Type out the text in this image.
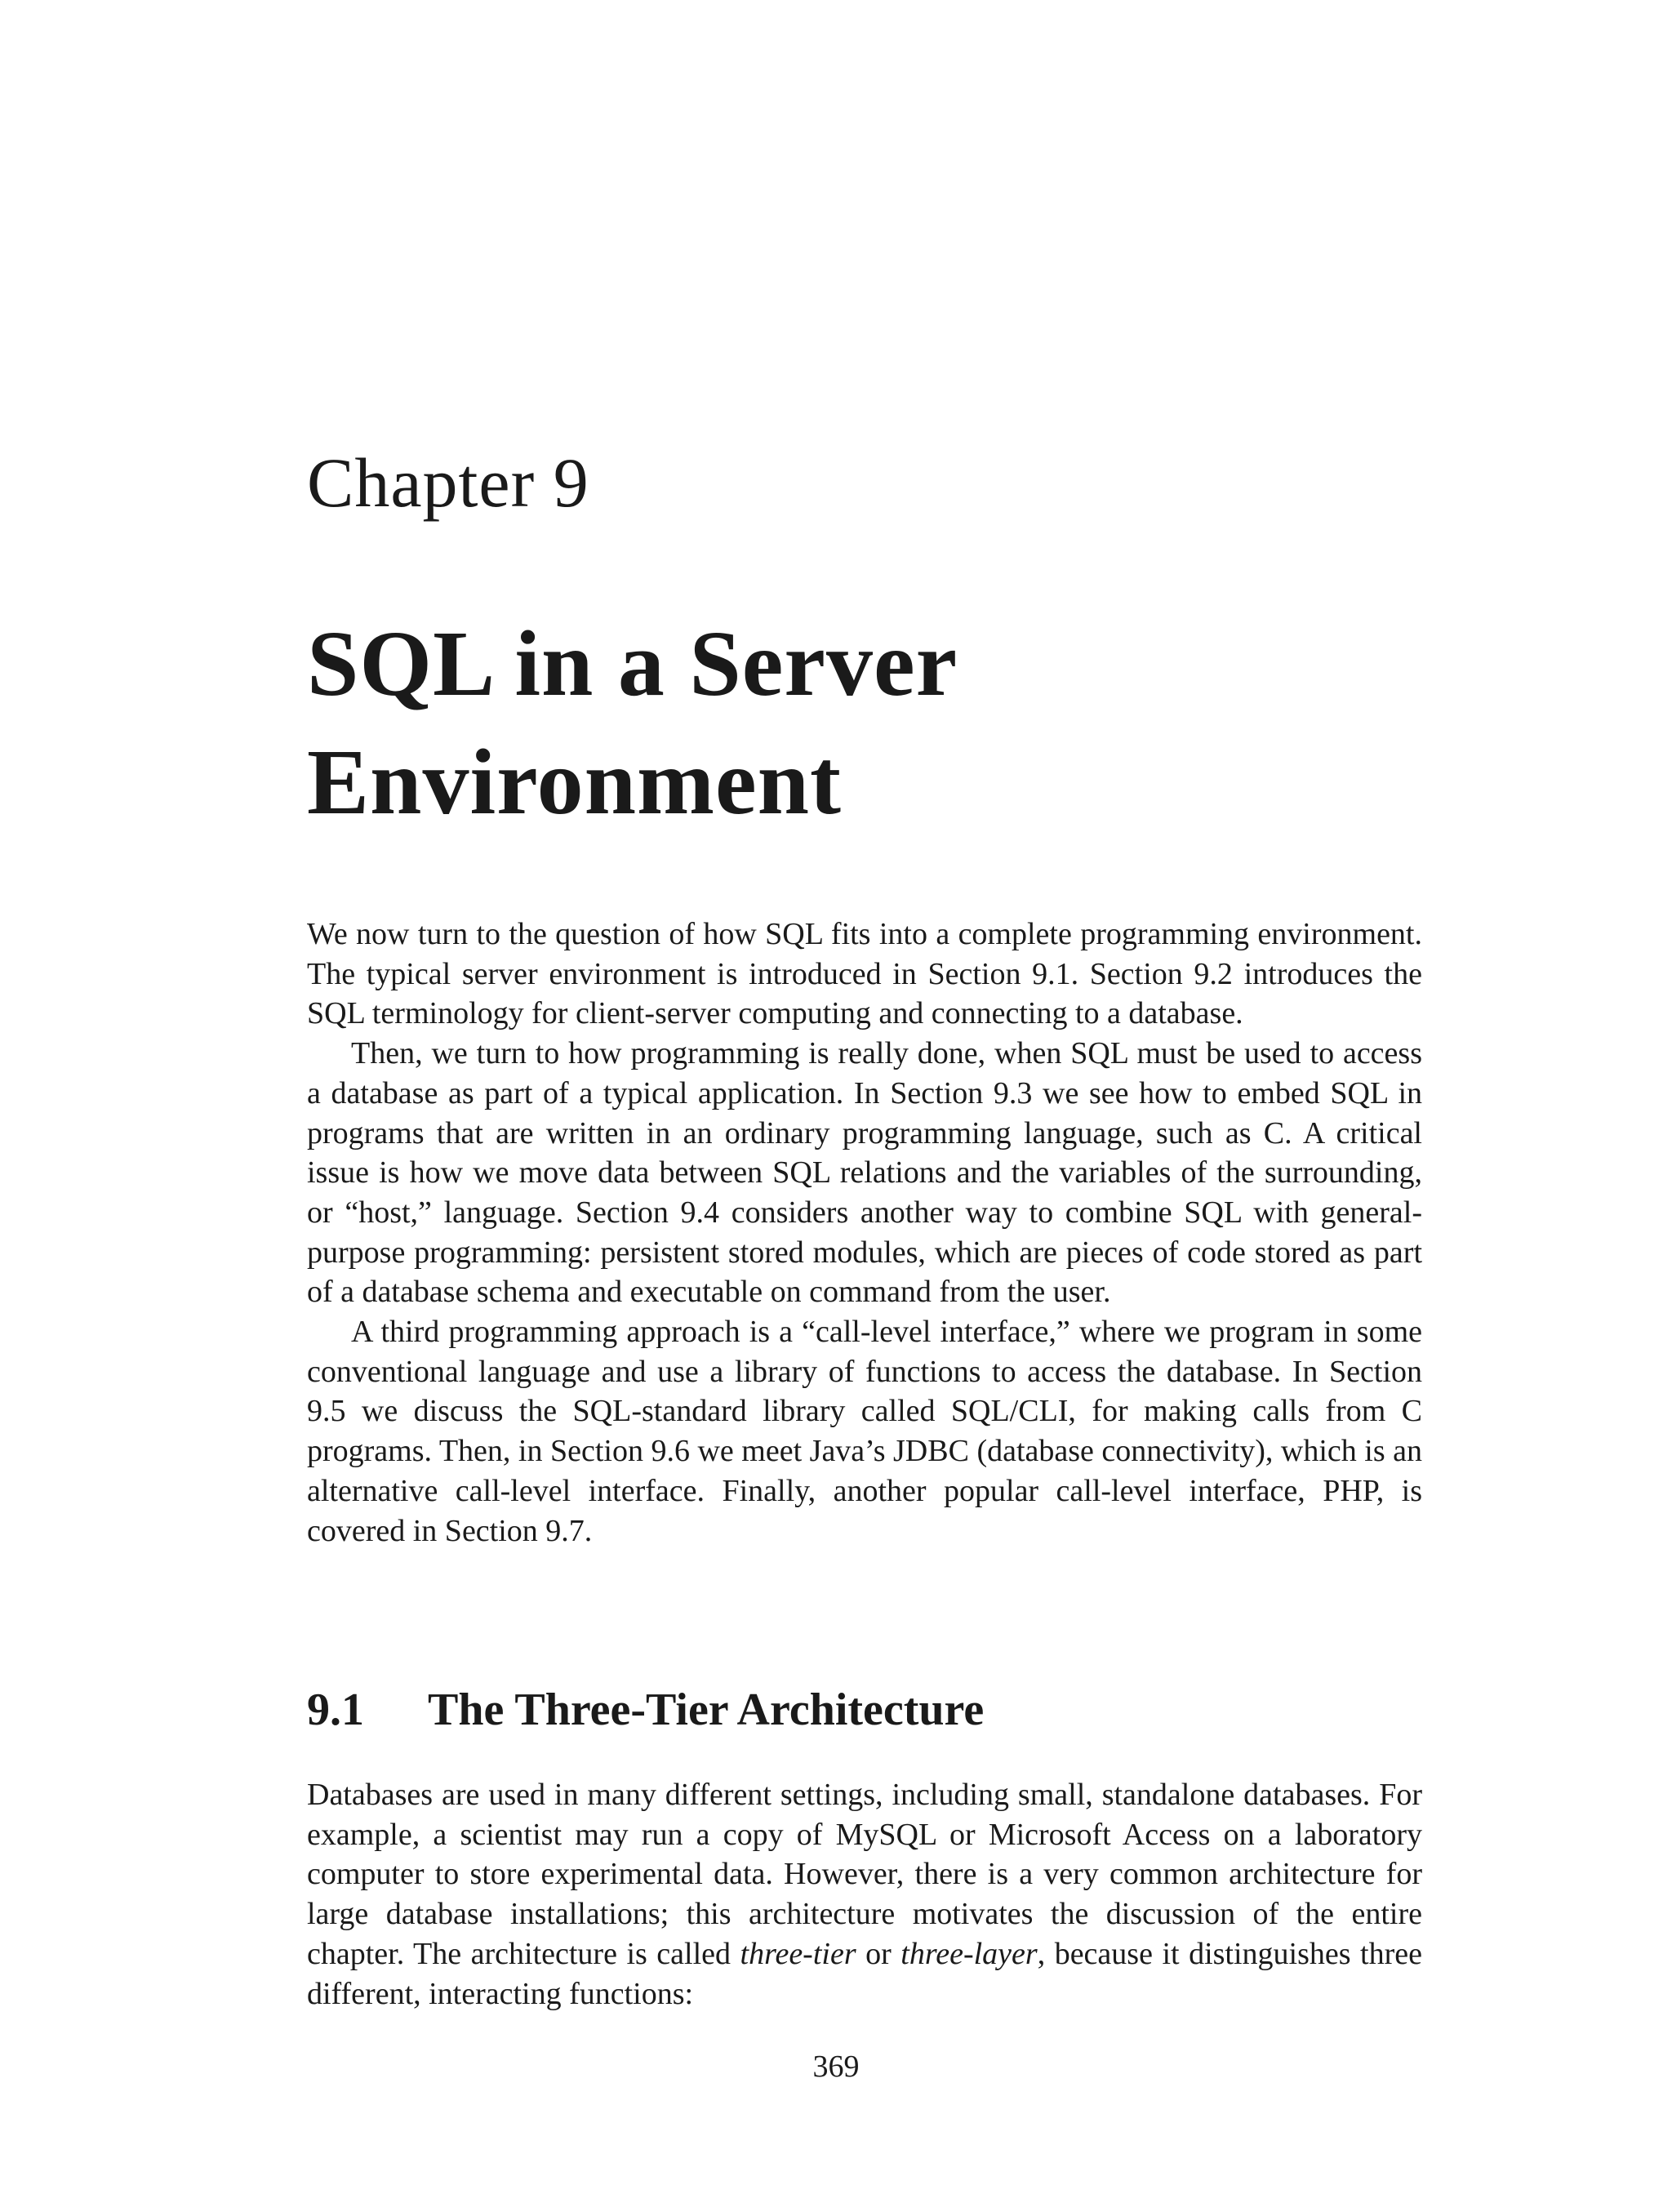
Chapter 9
SQL in a Server Environment

We now turn to the question of how SQL fits into a complete programming environment. The typical server environment is introduced in Section 9.1. Section 9.2 introduces the SQL terminology for client-server computing and connecting to a database.

Then, we turn to how programming is really done, when SQL must be used to access a database as part of a typical application. In Section 9.3 we see how to embed SQL in programs that are written in an ordinary programming language, such as C. A critical issue is how we move data between SQL relations and the variables of the surrounding, or “host,” language. Section 9.4 considers another way to combine SQL with general-purpose programming: persistent stored modules, which are pieces of code stored as part of a database schema and executable on command from the user.

A third programming approach is a “call-level interface,” where we program in some conventional language and use a library of functions to access the database. In Section 9.5 we discuss the SQL-standard library called SQL/CLI, for making calls from C programs. Then, in Section 9.6 we meet Java’s JDBC (database connectivity), which is an alternative call-level interface. Finally, another popular call-level interface, PHP, is covered in Section 9.7.

9.1 The Three-Tier Architecture

Databases are used in many different settings, including small, standalone databases. For example, a scientist may run a copy of MySQL or Microsoft Access on a laboratory computer to store experimental data. However, there is a very common architecture for large database installations; this architecture motivates the discussion of the entire chapter. The architecture is called three-tier or three-layer, because it distinguishes three different, interacting functions:

369
